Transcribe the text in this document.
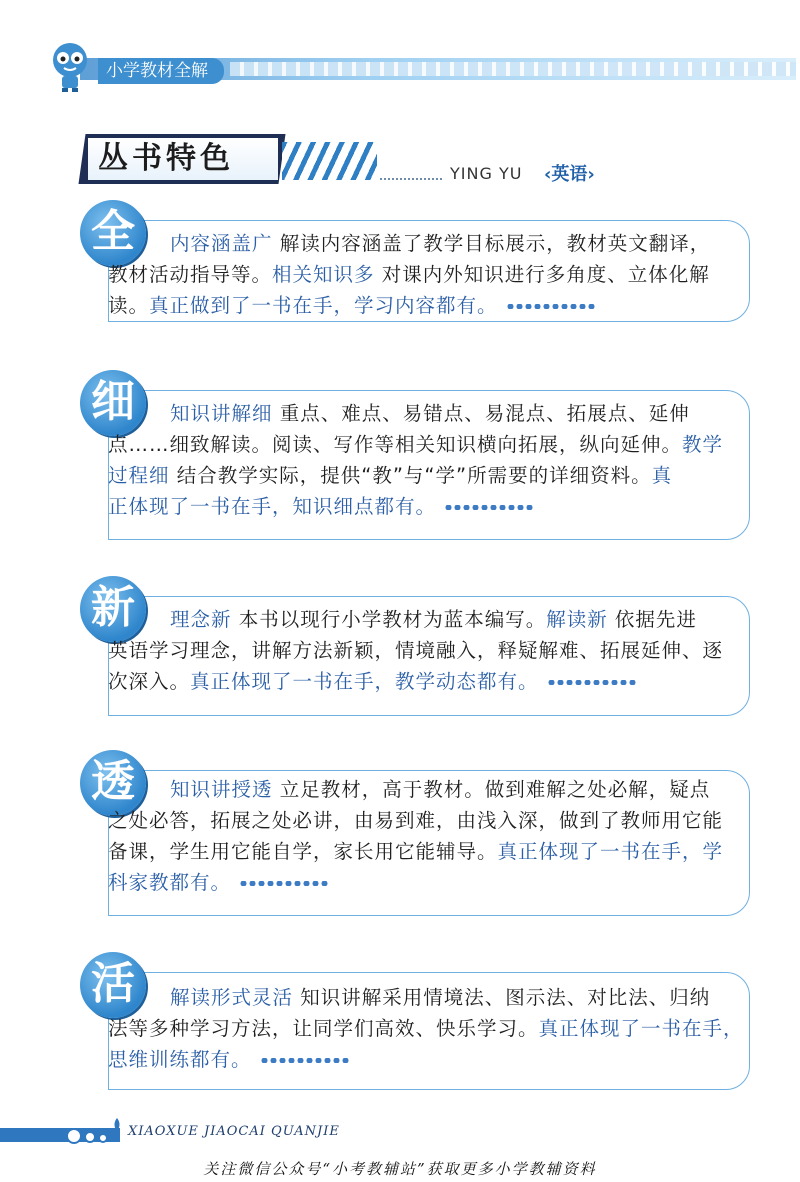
小学教材全解
丛书特色	YING YU ‹英语›
全	内容涵盖广 解读内容涵盖了教学目标展示，教材英文翻译，
教材活动指导等。相关知识多 对课内外知识进行多角度、立体化解
读。真正做到了一书在手，学习内容都有。
细	知识讲解细 重点、难点、易错点、易混点、拓展点、延伸
点……细致解读。阅读、写作等相关知识横向拓展，纵向延伸。教学
过程细 结合教学实际，提供“教”与“学”所需要的详细资料。真
正体现了一书在手，知识细点都有。
新	理念新 本书以现行小学教材为蓝本编写。解读新 依据先进
英语学习理念，讲解方法新颖，情境融入，释疑解难、拓展延伸、逐
次深入。真正体现了一书在手，教学动态都有。
透	知识讲授透 立足教材，高于教材。做到难解之处必解，疑点
之处必答，拓展之处必讲，由易到难，由浅入深，做到了教师用它能
备课，学生用它能自学，家长用它能辅导。真正体现了一书在手，学
科家教都有。
活	解读形式灵活 知识讲解采用情境法、图示法、对比法、归纳
法等多种学习方法，让同学们高效、快乐学习。真正体现了一书在手，
思维训练都有。
XIAOXUE JIAOCAI QUANJIE
关注微信公众号“小考教辅站”获取更多小学教辅资料
